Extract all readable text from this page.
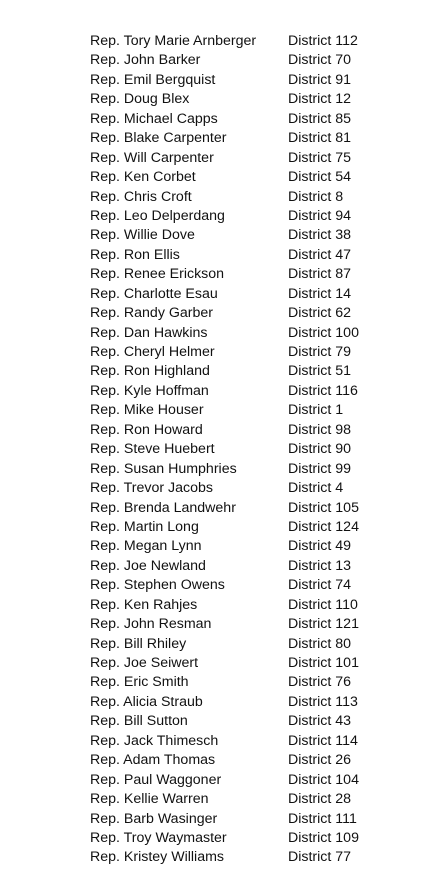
Rep. Tory Marie Arnberger	District 112
Rep. John Barker	District 70
Rep. Emil Bergquist	District 91
Rep. Doug Blex	District 12
Rep. Michael Capps	District 85
Rep. Blake Carpenter	District 81
Rep. Will Carpenter	District 75
Rep. Ken Corbet	District 54
Rep. Chris Croft	District 8
Rep. Leo Delperdang	District 94
Rep. Willie Dove	District 38
Rep. Ron Ellis	District 47
Rep. Renee Erickson	District 87
Rep. Charlotte Esau	District 14
Rep. Randy Garber	District 62
Rep. Dan Hawkins	District 100
Rep. Cheryl Helmer	District 79
Rep. Ron Highland	District 51
Rep. Kyle Hoffman	District 116
Rep. Mike Houser	District 1
Rep. Ron Howard	District 98
Rep. Steve Huebert	District 90
Rep. Susan Humphries	District 99
Rep. Trevor Jacobs	District 4
Rep. Brenda Landwehr	District 105
Rep. Martin Long	District 124
Rep. Megan Lynn	District 49
Rep. Joe Newland	District 13
Rep. Stephen Owens	District 74
Rep. Ken Rahjes	District 110
Rep. John Resman	District 121
Rep. Bill Rhiley	District 80
Rep. Joe Seiwert	District 101
Rep. Eric Smith	District 76
Rep. Alicia Straub	District 113
Rep. Bill Sutton	District 43
Rep. Jack Thimesch	District 114
Rep. Adam Thomas	District 26
Rep. Paul Waggoner	District 104
Rep. Kellie Warren	District 28
Rep. Barb Wasinger	District 111
Rep. Troy Waymaster	District 109
Rep. Kristey Williams	District 77
